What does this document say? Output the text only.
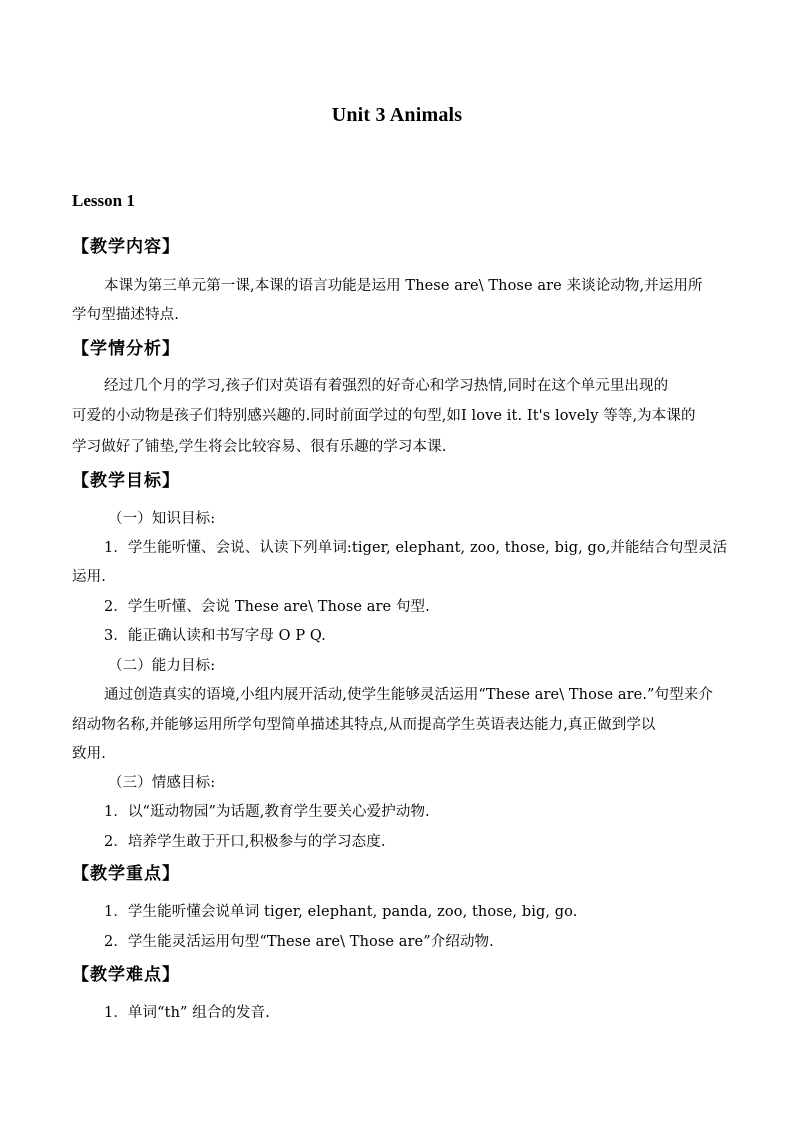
Unit 3 Animals
Lesson 1
【教学内容】
本课为第三单元第一课,本课的语言功能是运用 These are\ Those are 来谈论动物,并运用所
学句型描述特点.
【学情分析】
经过几个月的学习,孩子们对英语有着强烈的好奇心和学习热情,同时在这个单元里出现的
可爱的小动物是孩子们特别感兴趣的.同时前面学过的句型,如I love it. It's lovely 等等,为本课的
学习做好了铺垫,学生将会比较容易、很有乐趣的学习本课.
【教学目标】
（一）知识目标:
1．学生能听懂、会说、认读下列单词:tiger, elephant, zoo, those, big, go,并能结合句型灵活
运用.
2．学生听懂、会说 These are\ Those are 句型.
3．能正确认读和书写字母 O P Q.
（二）能力目标:
通过创造真实的语境,小组内展开活动,使学生能够灵活运用“These are\ Those are.”句型来介
绍动物名称,并能够运用所学句型简单描述其特点,从而提高学生英语表达能力,真正做到学以
致用.
（三）情感目标:
1．以“逛动物园”为话题,教育学生要关心爱护动物.
2．培养学生敢于开口,积极参与的学习态度.
【教学重点】
1．学生能听懂会说单词 tiger, elephant, panda, zoo, those, big, go.
2．学生能灵活运用句型“These are\ Those are”介绍动物.
【教学难点】
1．单词“th” 组合的发音.
